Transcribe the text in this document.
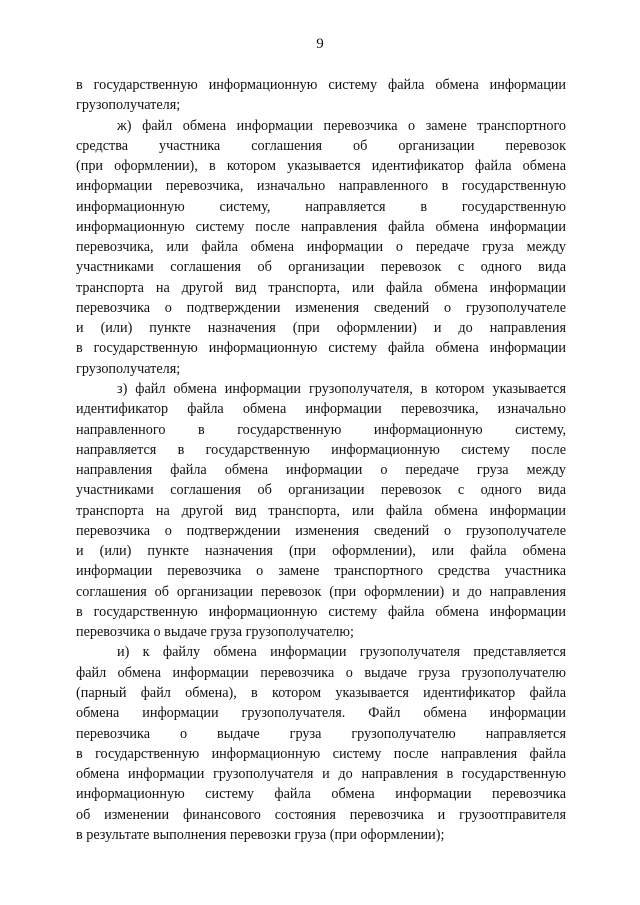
9
в государственную информационную систему файла обмена информации
грузополучателя;
ж) файл обмена информации перевозчика о замене транспортного
средства участника соглашения об организации перевозок
(при оформлении), в котором указывается идентификатор файла обмена
информации перевозчика, изначально направленного в государственную
информационную систему, направляется в государственную
информационную систему после направления файла обмена информации
перевозчика, или файла обмена информации о передаче груза между
участниками соглашения об организации перевозок с одного вида
транспорта на другой вид транспорта, или файла обмена информации
перевозчика о подтверждении изменения сведений о грузополучателе
и (или) пункте назначения (при оформлении) и до направления
в государственную информационную систему файла обмена информации
грузополучателя;
з) файл обмена информации грузополучателя, в котором указывается
идентификатор файла обмена информации перевозчика, изначально
направленного в государственную информационную систему,
направляется в государственную информационную систему после
направления файла обмена информации о передаче груза между
участниками соглашения об организации перевозок с одного вида
транспорта на другой вид транспорта, или файла обмена информации
перевозчика о подтверждении изменения сведений о грузополучателе
и (или) пункте назначения (при оформлении), или файла обмена
информации перевозчика о замене транспортного средства участника
соглашения об организации перевозок (при оформлении) и до направления
в государственную информационную систему файла обмена информации
перевозчика о выдаче груза грузополучателю;
и) к файлу обмена информации грузополучателя представляется
файл обмена информации перевозчика о выдаче груза грузополучателю
(парный файл обмена), в котором указывается идентификатор файла
обмена информации грузополучателя. Файл обмена информации
перевозчика о выдаче груза грузополучателю направляется
в государственную информационную систему после направления файла
обмена информации грузополучателя и до направления в государственную
информационную систему файла обмена информации перевозчика
об изменении финансового состояния перевозчика и грузоотправителя
в результате выполнения перевозки груза (при оформлении);
